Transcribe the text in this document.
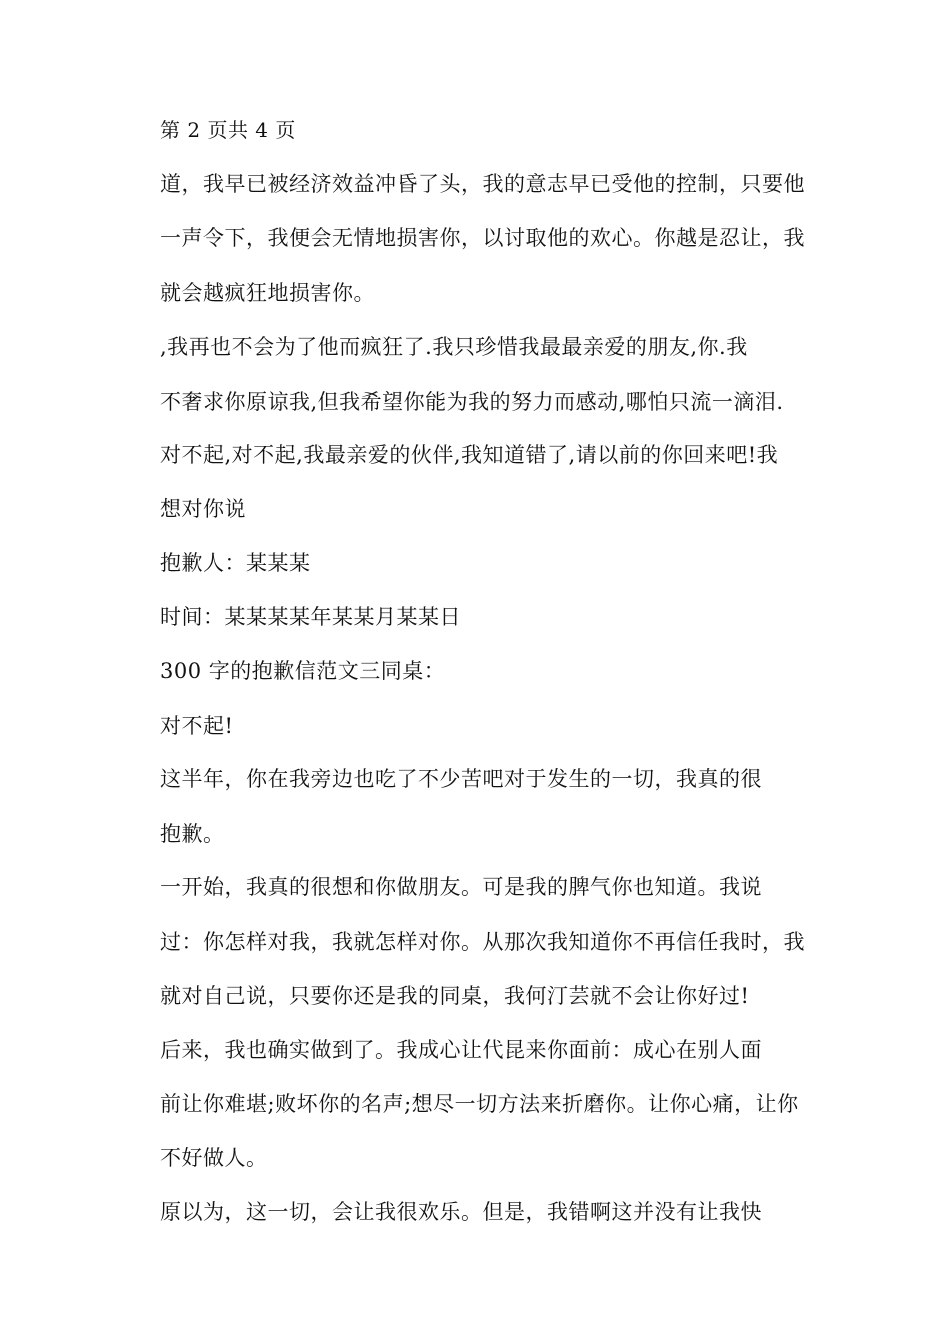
第 2 页共 4 页
道，我早已被经济效益冲昏了头，我的意志早已受他的控制，只要他
一声令下，我便会无情地损害你，以讨取他的欢心。你越是忍让，我
就会越疯狂地损害你。
,我再也不会为了他而疯狂了.我只珍惜我最最亲爱的朋友,你.我
不奢求你原谅我,但我希望你能为我的努力而感动,哪怕只流一滴泪.
对不起,对不起,我最亲爱的伙伴,我知道错了,请以前的你回来吧!我
想对你说
抱歉人：某某某
时间：某某某某年某某月某某日
300 字的抱歉信范文三同桌：
对不起!
这半年，你在我旁边也吃了不少苦吧对于发生的一切，我真的很
抱歉。
一开始，我真的很想和你做朋友。可是我的脾气你也知道。我说
过：你怎样对我，我就怎样对你。从那次我知道你不再信任我时，我
就对自己说，只要你还是我的同桌，我何汀芸就不会让你好过!
后来，我也确实做到了。我成心让代昆来你面前：成心在别人面
前让你难堪;败坏你的名声;想尽一切方法来折磨你。让你心痛，让你
不好做人。
原以为，这一切，会让我很欢乐。但是，我错啊这并没有让我快
